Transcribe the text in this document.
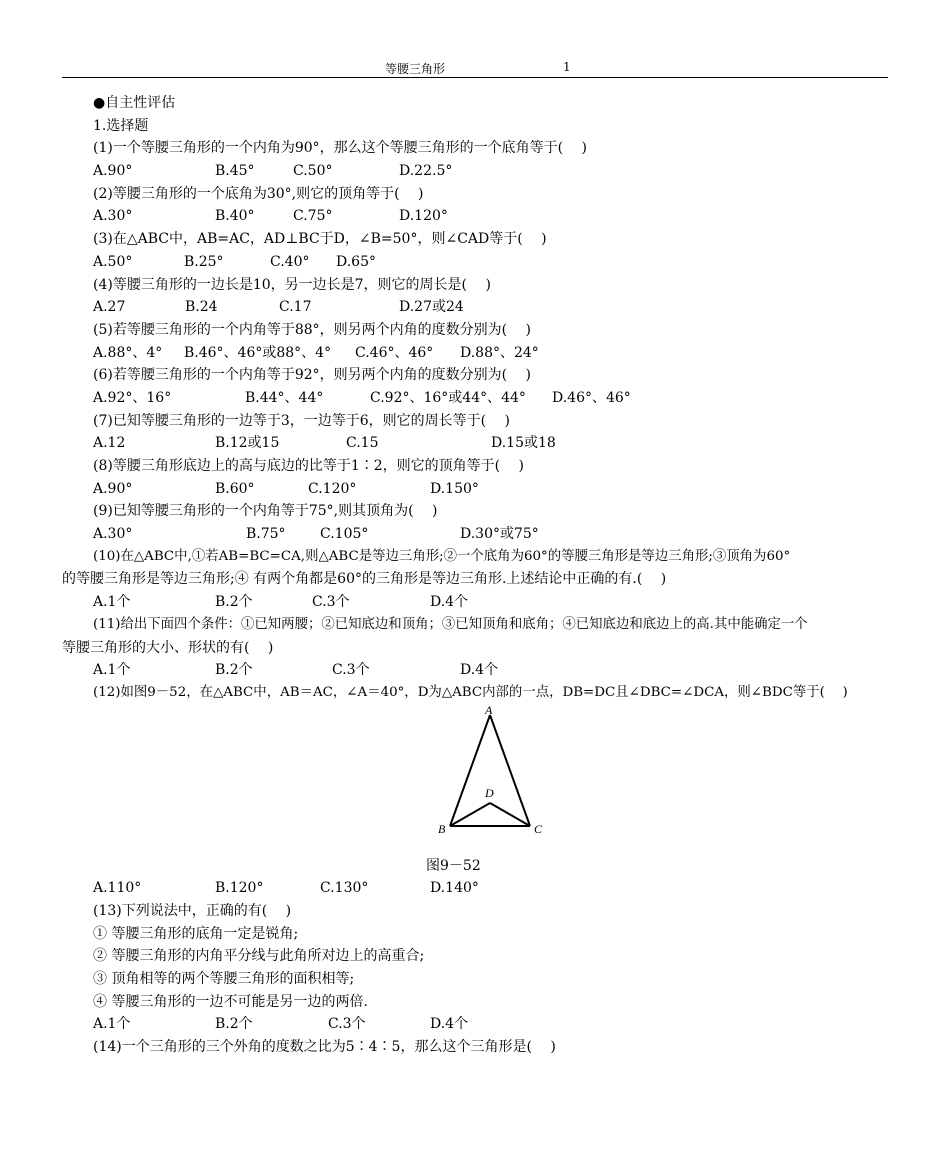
等腰三角形	1
●自主性评估
1.选择题
(1)一个等腰三角形的一个内角为90°，那么这个等腰三角形的一个底角等于(　 )
A.90°	B.45°	C.50°	D.22.5°
(2)等腰三角形的一个底角为30°,则它的顶角等于(　 )
A.30°	B.40°	C.75°	D.120°
(3)在△ABC中，AB=AC，AD⊥BC于D，∠B=50°，则∠CAD等于(　 )
A.50°	B.25°	C.40° D.65°
(4)等腰三角形的一边长是10，另一边长是7，则它的周长是(　 )
A.27	B.24	C.17	D.27或24
(5)若等腰三角形的一个内角等于88°，则另两个内角的度数分别为(　 )
A.88°、4° B.46°、46°或88°、4° C.46°、46° D.88°、24°
(6)若等腰三角形的一个内角等于92°，则另两个内角的度数分别为(　 )
A.92°、16°	B.44°、44°	C.92°、16°或44°、44° D.46°、46°
(7)已知等腰三角形的一边等于3，一边等于6，则它的周长等于(　 )
A.12	B.12或15	C.15	D.15或18
(8)等腰三角形底边上的高与底边的比等于1∶2，则它的顶角等于(　 )
A.90°	B.60°	C.120°	D.150°
(9)已知等腰三角形的一个内角等于75°,则其顶角为(　 )
A.30°	B.75° C.105°	D.30°或75°
(10)在△ABC中,①若AB=BC=CA,则△ABC是等边三角形;②一个底角为60°的等腰三角形是等边三角形;③顶角为60°
的等腰三角形是等边三角形;④ 有两个角都是60°的三角形是等边三角形.上述结论中正确的有.(　 )
A.1个	B.2个	C.3个	D.4个
(11)给出下面四个条件：①已知两腰；②已知底边和顶角；③已知顶角和底角；④已知底边和底边上的高.其中能确定一个
等腰三角形的大小、形状的有(　 )
A.1个	B.2个	C.3个	D.4个
(12)如图9－52，在△ABC中，AB＝AC，∠A＝40°，D为△ABC内部的一点，DB=DC且∠DBC=∠DCA，则∠BDC等于(　 )
A
B	C
D
图9－52
A.110°	B.120°	C.130°	D.140°
(13)下列说法中，正确的有(　 )
① 等腰三角形的底角一定是锐角;
② 等腰三角形的内角平分线与此角所对边上的高重合;
③ 顶角相等的两个等腰三角形的面积相等;
④ 等腰三角形的一边不可能是另一边的两倍.
A.1个	B.2个	C.3个	D.4个
(14)一个三角形的三个外角的度数之比为5∶4∶5，那么这个三角形是(　 )
